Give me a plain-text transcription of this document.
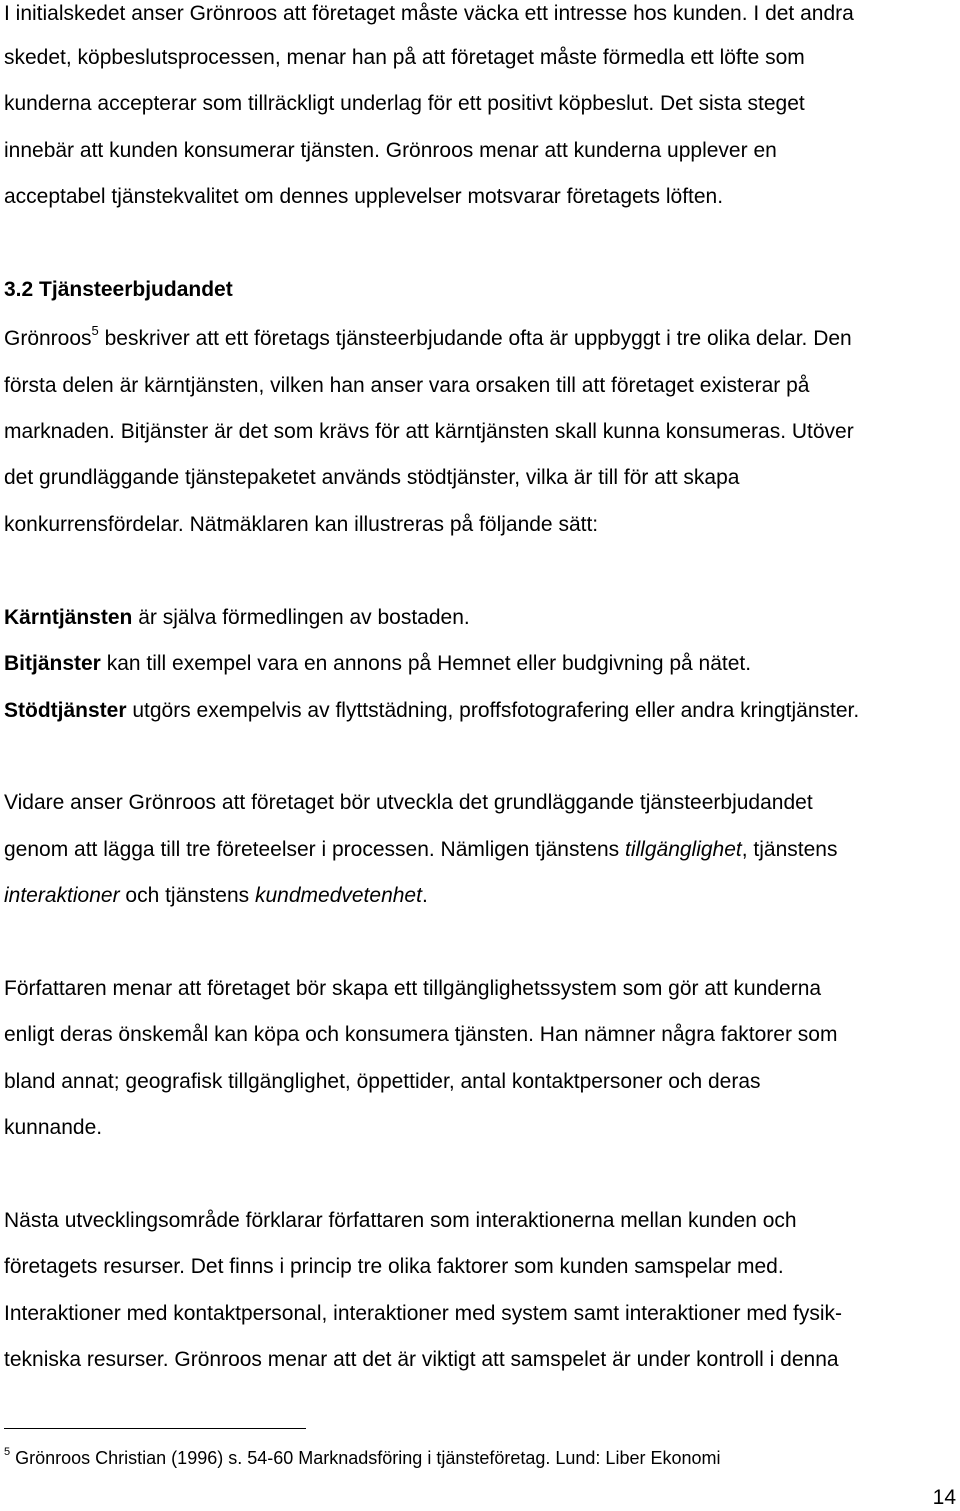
I initialskedet anser Grönroos att företaget måste väcka ett intresse hos kunden. I det andra
skedet, köpbeslutsprocessen, menar han på att företaget måste förmedla ett löfte som
kunderna accepterar som tillräckligt underlag för ett positivt köpbeslut. Det sista steget
innebär att kunden konsumerar tjänsten. Grönroos menar att kunderna upplever en
acceptabel tjänstekvalitet om dennes upplevelser motsvarar företagets löften.
3.2 Tjänsteerbjudandet
Grönroos$^5$ beskriver att ett företags tjänsteerbjudande ofta är uppbyggt i tre olika delar. Den
första delen är kärntjänsten, vilken han anser vara orsaken till att företaget existerar på
marknaden. Bitjänster är det som krävs för att kärntjänsten skall kunna konsumeras. Utöver
det grundläggande tjänstepaketet används stödtjänster, vilka är till för att skapa
konkurrensfördelar. Nätmäklaren kan illustreras på följande sätt:
Kärntjänsten är själva förmedlingen av bostaden.
Bitjänster kan till exempel vara en annons på Hemnet eller budgivning på nätet.
Stödtjänster utgörs exempelvis av flyttstädning, proffsfotografering eller andra kringtjänster.
Vidare anser Grönroos att företaget bör utveckla det grundläggande tjänsteerbjudandet
genom att lägga till tre företeelser i processen. Nämligen tjänstens tillgänglighet, tjänstens
interaktioner och tjänstens kundmedvetenhet.
Författaren menar att företaget bör skapa ett tillgänglighetssystem som gör att kunderna
enligt deras önskemål kan köpa och konsumera tjänsten. Han nämner några faktorer som
bland annat; geografisk tillgänglighet, öppettider, antal kontaktpersoner och deras
kunnande.
Nästa utvecklingsområde förklarar författaren som interaktionerna mellan kunden och
företagets resurser. Det finns i princip tre olika faktorer som kunden samspelar med.
Interaktioner med kontaktpersonal, interaktioner med system samt interaktioner med fysik-
tekniska resurser. Grönroos menar att det är viktigt att samspelet är under kontroll i denna
$^5$ Grönroos Christian (1996) s. 54-60 Marknadsföring i tjänsteföretag. Lund: Liber Ekonomi
14
